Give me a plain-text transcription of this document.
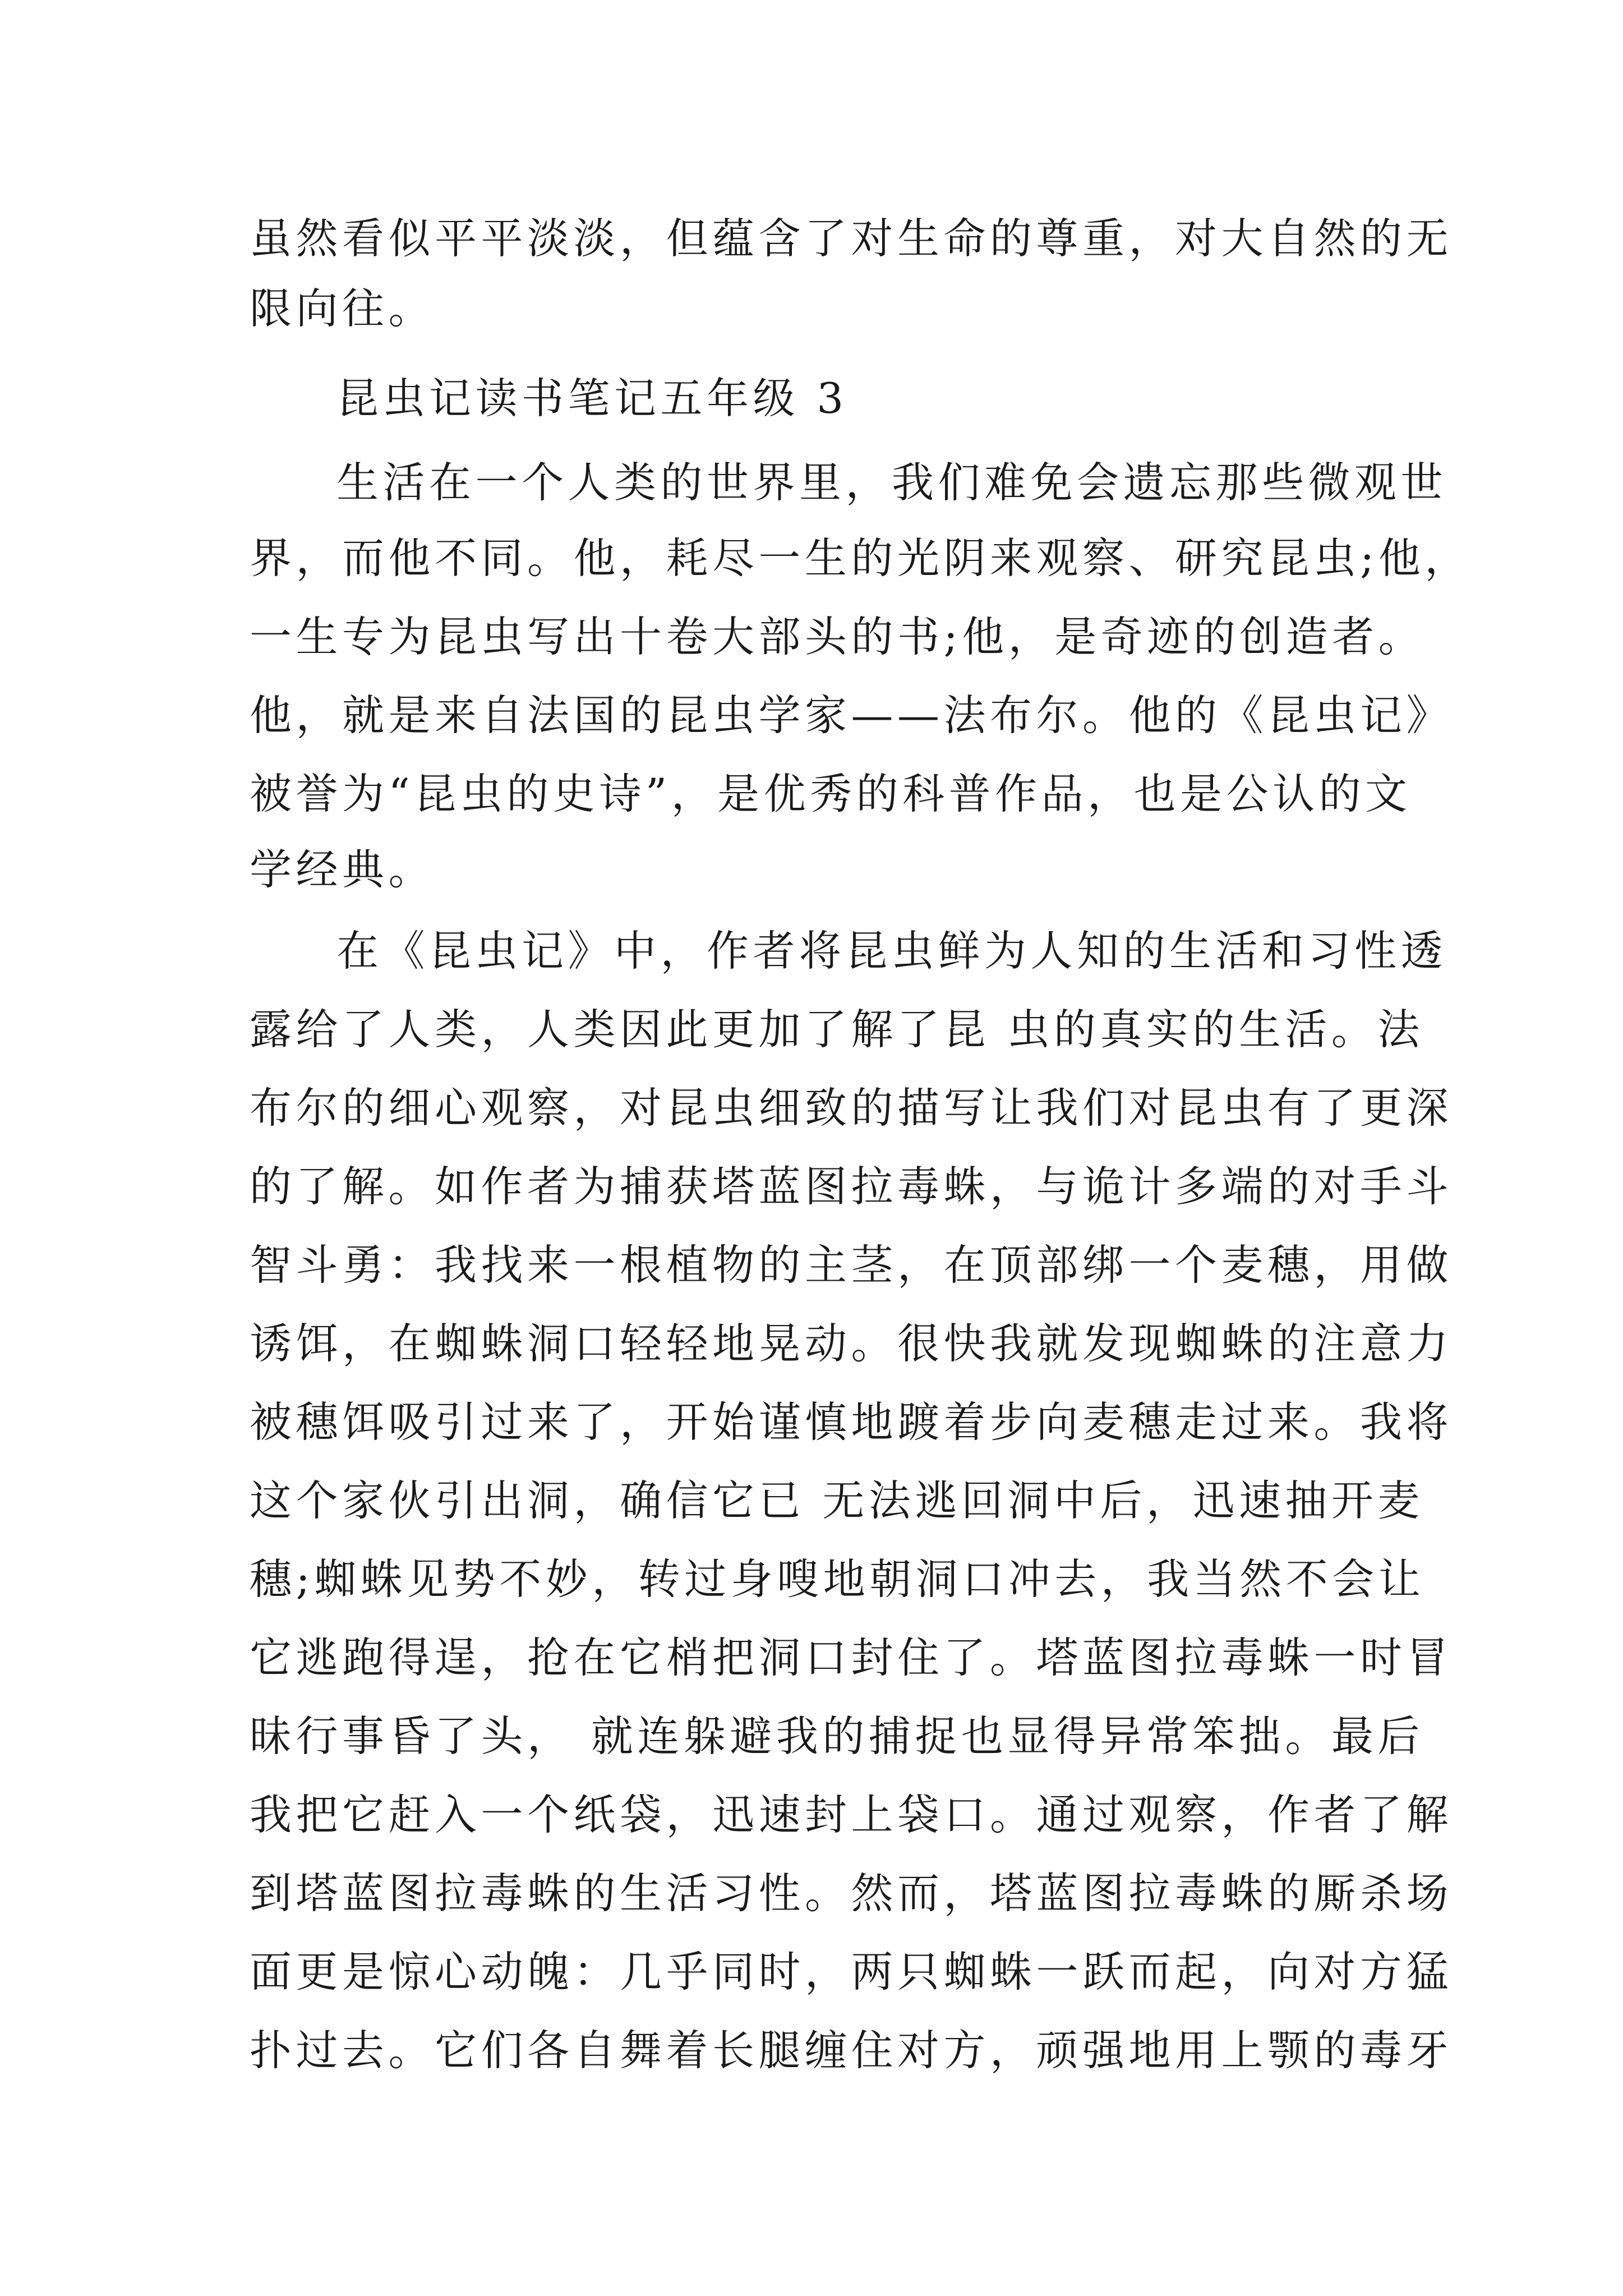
虽然看似平平淡淡，但蕴含了对生命的尊重，对大自然的无
限向往。
昆虫记读书笔记五年级 3
生活在一个人类的世界里，我们难免会遗忘那些微观世
界，而他不同。他，耗尽一生的光阴来观察、研究昆虫;他，
一生专为昆虫写出十卷大部头的书;他，是奇迹的创造者。
他，就是来自法国的昆虫学家——法布尔。他的《昆虫记》
被誉为“昆虫的史诗”，是优秀的科普作品，也是公认的文
学经典。
在《昆虫记》中，作者将昆虫鲜为人知的生活和习性透
露给了人类，人类因此更加了解了昆 虫的真实的生活。法
布尔的细心观察，对昆虫细致的描写让我们对昆虫有了更深
的了解。如作者为捕获塔蓝图拉毒蛛，与诡计多端的对手斗
智斗勇：我找来一根植物的主茎，在顶部绑一个麦穗，用做
诱饵，在蜘蛛洞口轻轻地晃动。很快我就发现蜘蛛的注意力
被穗饵吸引过来了，开始谨慎地踱着步向麦穗走过来。我将
这个家伙引出洞，确信它已 无法逃回洞中后，迅速抽开麦
穗;蜘蛛见势不妙，转过身嗖地朝洞口冲去，我当然不会让
它逃跑得逞，抢在它梢把洞口封住了。塔蓝图拉毒蛛一时冒
昧行事昏了头， 就连躲避我的捕捉也显得异常笨拙。最后
我把它赶入一个纸袋，迅速封上袋口。通过观察，作者了解
到塔蓝图拉毒蛛的生活习性。然而，塔蓝图拉毒蛛的厮杀场
面更是惊心动魄：几乎同时，两只蜘蛛一跃而起，向对方猛
扑过去。它们各自舞着长腿缠住对方，顽强地用上颚的毒牙
